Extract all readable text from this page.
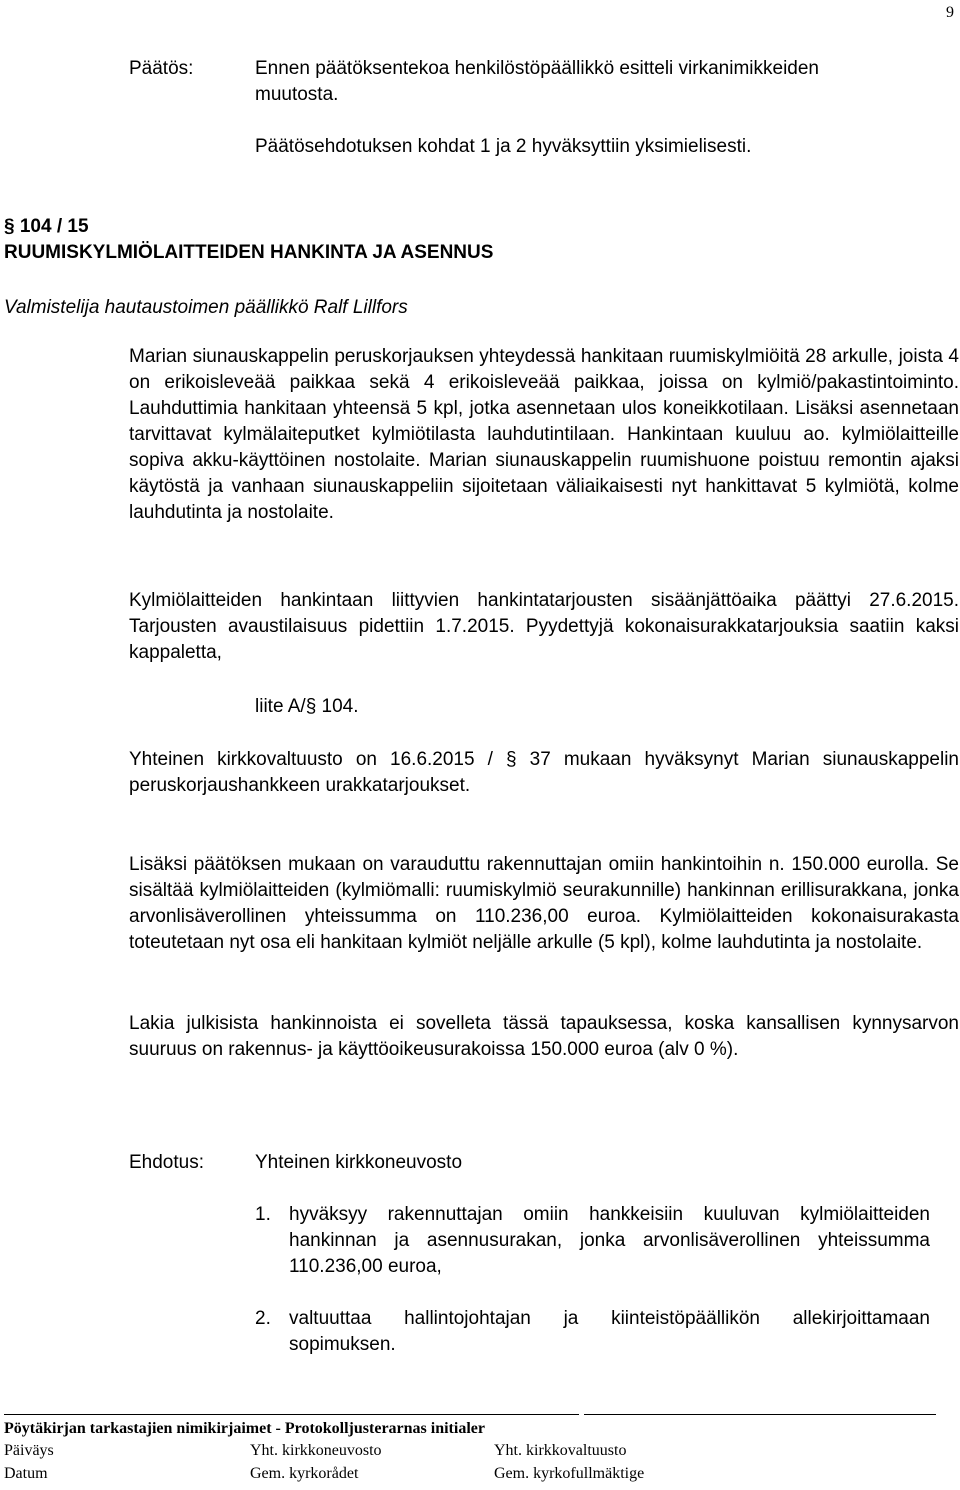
9
Päätös:	Ennen päätöksentekoa henkilöstöpäällikkö esitteli virkanimikkeiden
muutosta.
Päätösehdotuksen kohdat 1 ja 2 hyväksyttiin yksimielisesti.
§ 104 / 15
RUUMISKYLMIÖLAITTEIDEN HANKINTA JA ASENNUS
Valmistelija hautaustoimen päällikkö Ralf Lillfors
Marian siunauskappelin peruskorjauksen yhteydessä hankitaan ruumiskylmiöitä 28 arkulle, joista 4 on erikoisleveää paikkaa sekä 4 erikoisleveää paikkaa, joissa on kylmiö/pakastintoiminto. Lauhduttimia hankitaan yhteensä 5 kpl, jotka asennetaan ulos koneikkotilaan. Lisäksi asennetaan tarvittavat kylmälaiteputket kylmiötilasta lauhdutintilaan. Hankintaan kuuluu ao. kylmiölaitteille sopiva akku-käyttöinen nostolaite. Marian siunauskappelin ruumishuone poistuu remontin ajaksi käytöstä ja vanhaan siunauskappeliin sijoitetaan väliaikaisesti nyt hankittavat 5 kylmiötä, kolme lauhdutinta ja nostolaite.
Kylmiölaitteiden hankintaan liittyvien hankintatarjousten sisäänjättöaika päättyi 27.6.2015. Tarjousten avaustilaisuus pidettiin 1.7.2015. Pyydettyjä kokonaisurakkatarjouksia saatiin kaksi kappaletta,
liite A/§ 104.
Yhteinen kirkkovaltuusto on 16.6.2015 / § 37 mukaan hyväksynyt Marian siunauskappelin peruskorjaushankkeen urakkatarjoukset.
Lisäksi päätöksen mukaan on varauduttu rakennuttajan omiin hankintoihin n. 150.000 eurolla. Se sisältää kylmiölaitteiden (kylmiömalli: ruumiskylmiö seurakunnille) hankinnan erillisurakkana, jonka arvonlisäverollinen yhteissumma on 110.236,00 euroa. Kylmiölaitteiden kokonaisurakasta toteutetaan nyt osa eli hankitaan kylmiöt neljälle arkulle (5 kpl), kolme lauhdutinta ja nostolaite.
Lakia julkisista hankinnoista ei sovelleta tässä tapauksessa, koska kansallisen kynnysarvon suuruus on rakennus- ja käyttöoikeusurakoissa 150.000 euroa (alv 0 %).
Ehdotus:	Yhteinen kirkkoneuvosto
1. hyväksyy rakennuttajan omiin hankkeisiin kuuluvan kylmiölaitteiden hankinnan ja asennusurakan, jonka arvonlisäverollinen yhteissumma 110.236,00 euroa,
2. valtuuttaa hallintojohtajan ja kiinteistöpäällikön allekirjoittamaan sopimuksen.
Pöytäkirjan tarkastajien nimikirjaimet - Protokolljusterarnas initialer
Päiväys	Yht. kirkkoneuvosto	Yht. kirkkovaltuusto
Datum	Gem. kyrkorådet	Gem. kyrkofullmäktige
